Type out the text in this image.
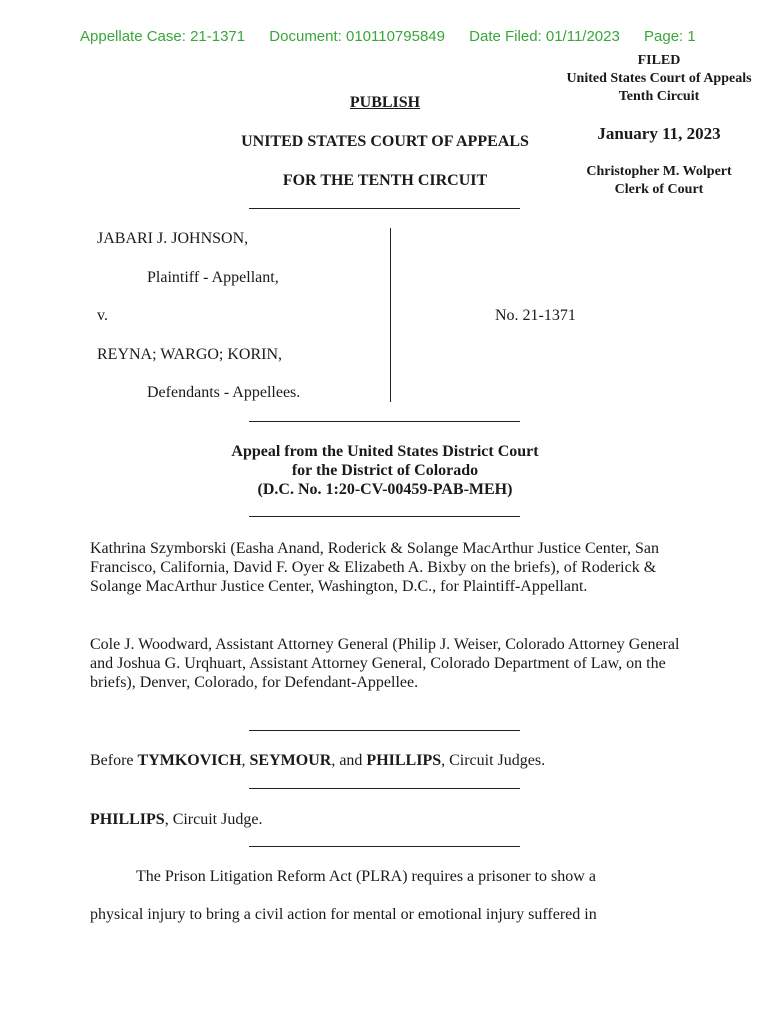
Appellate Case: 21-1371 Document: 010110795849 Date Filed: 01/11/2023 Page: 1
FILED
United States Court of Appeals
Tenth Circuit
January 11, 2023
Christopher M. Wolpert
Clerk of Court
PUBLISH
UNITED STATES COURT OF APPEALS
FOR THE TENTH CIRCUIT
JABARI J. JOHNSON,
Plaintiff - Appellant,
v.
REYNA; WARGO; KORIN,
Defendants - Appellees.
No. 21-1371
Appeal from the United States District Court
for the District of Colorado
(D.C. No. 1:20-CV-00459-PAB-MEH)
Kathrina Szymborski (Easha Anand, Roderick & Solange MacArthur Justice Center, San Francisco, California, David F. Oyer & Elizabeth A. Bixby on the briefs), of Roderick & Solange MacArthur Justice Center, Washington, D.C., for Plaintiff-Appellant.
Cole J. Woodward, Assistant Attorney General (Philip J. Weiser, Colorado Attorney General and Joshua G. Urqhuart, Assistant Attorney General, Colorado Department of Law, on the briefs), Denver, Colorado, for Defendant-Appellee.
Before TYMKOVICH, SEYMOUR, and PHILLIPS, Circuit Judges.
PHILLIPS, Circuit Judge.
The Prison Litigation Reform Act (PLRA) requires a prisoner to show a
physical injury to bring a civil action for mental or emotional injury suffered in
